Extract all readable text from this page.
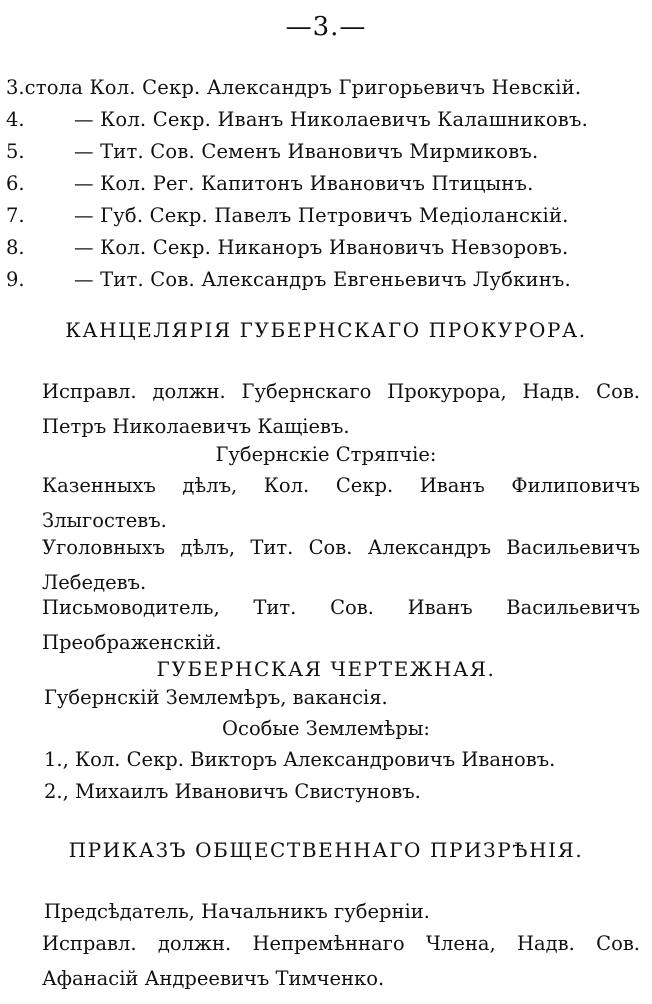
—3.—
3. стола Кол. Секр. Александръ Григорьевичъ Невскій.
4.	— Кол. Секр. Иванъ Николаевичъ Калашниковъ.
5.	— Тит. Сов. Семенъ Ивановичъ Мирмиковъ.
6.	— Кол. Рег. Капитонъ Ивановичъ Птицынъ.
7.	— Губ. Секр. Павелъ Петровичъ Медіоланскій.
8.	— Кол. Секр. Никаноръ Ивановичъ Невзоровъ.
9.	— Тит. Сов. Александръ Евгеньевичъ Лубкинъ.
КАНЦЕЛЯРІЯ ГУБЕРНСКАГО ПРОКУРОРА.
Исправл. должн. Губернскаго Прокурора, Надв. Сов. Петръ Николаевичъ Кащіевъ.
Губернскіе Стряпчіе:
Казенныхъ дѣлъ, Кол. Секр. Иванъ Филиповичъ Злыгостевъ.
Уголовныхъ дѣлъ, Тит. Сов. Александръ Васильевичъ Лебедевъ.
Письмоводитель, Тит. Сов. Иванъ Васильевичъ Преображенскій.
ГУБЕРНСКАЯ ЧЕРТЕЖНАЯ.
Губернскій Землемѣръ, вакансія.
Особые Землемѣры:
1., Кол. Секр. Викторъ Александровичъ Ивановъ.
2., Михаилъ Ивановичъ Свистуновъ.
ПРИКАЗЪ ОБЩЕСТВЕННАГО ПРИЗРѢНІЯ.
Предсѣдатель, Начальникъ губерніи.
Исправл. должн. Непремѣннаго Члена, Надв. Сов. Афанасій Андреевичъ Тимченко.
